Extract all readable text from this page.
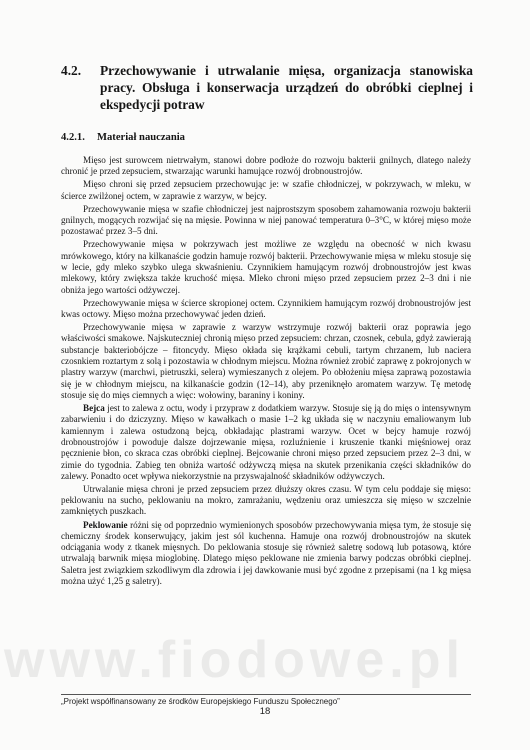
4.2. Przechowywanie i utrwalanie mięsa, organizacja stanowiska pracy. Obsługa i konserwacja urządzeń do obróbki cieplnej i ekspedycji potraw
4.2.1. Materiał nauczania

Mięso jest surowcem nietrwałym, stanowi dobre podłoże do rozwoju bakterii gnilnych, dlatego należy chronić je przed zepsuciem, stwarzając warunki hamujące rozwój drobnoustrojów.

Mięso chroni się przed zepsuciem przechowując je: w szafie chłodniczej, w pokrzywach, w mleku, w ścierce zwilżonej octem, w zaprawie z warzyw, w bejcy.

Przechowywanie mięsa w szafie chłodniczej jest najprostszym sposobem zahamowania rozwoju bakterii gnilnych, mogących rozwijać się na mięsie. Powinna w niej panować temperatura 0–3°C, w której mięso może pozostawać przez 3–5 dni.

Przechowywanie mięsa w pokrzywach jest możliwe ze względu na obecność w nich kwasu mrówkowego, który na kilkanaście godzin hamuje rozwój bakterii. Przechowywanie mięsa w mleku stosuje się w lecie, gdy mleko szybko ulega skwaśnieniu. Czynnikiem hamującym rozwój drobnoustrojów jest kwas mlekowy, który zwiększa także kruchość mięsa. Mleko chroni mięso przed zepsuciem przez 2–3 dni i nie obniża jego wartości odżywczej.

Przechowywanie mięsa w ścierce skropionej octem. Czynnikiem hamującym rozwój drobnoustrojów jest kwas octowy. Mięso można przechowywać jeden dzień.

Przechowywanie mięsa w zaprawie z warzyw wstrzymuje rozwój bakterii oraz poprawia jego właściwości smakowe. Najskuteczniej chronią mięso przed zepsuciem: chrzan, czosnek, cebula, gdyż zawierają substancje bakteriobójcze – fitoncydy. Mięso okłada się krążkami cebuli, tartym chrzanem, lub naciera czosnkiem roztartym z solą i pozostawia w chłodnym miejscu. Można również zrobić zaprawę z pokrojonych w plastry warzyw (marchwi, pietruszki, selera) wymieszanych z olejem. Po obłożeniu mięsa zaprawą pozostawia się je w chłodnym miejscu, na kilkanaście godzin (12–14), aby przeniknęło aromatem warzyw. Tę metodę stosuje się do mięs ciemnych a więc: wołowiny, baraniny i koniny.

Bejca jest to zalewa z octu, wody i przypraw z dodatkiem warzyw. Stosuje się ją do mięs o intensywnym zabarwieniu i do dziczyzny. Mięso w kawałkach o masie 1–2 kg układa się w naczyniu emaliowanym lub kamiennym i zalewa ostudzoną bejcą, obkładając plastrami warzyw. Ocet w bejcy hamuje rozwój drobnoustrojów i powoduje dalsze dojrzewanie mięsa, rozluźnienie i kruszenie tkanki mięśniowej oraz pęcznienie błon, co skraca czas obróbki cieplnej. Bejcowanie chroni mięso przed zepsuciem przez 2–3 dni, w zimie do tygodnia. Zabieg ten obniża wartość odżywczą mięsa na skutek przenikania części składników do zalewy. Ponadto ocet wpływa niekorzystnie na przyswajalność składników odżywczych.

Utrwalanie mięsa chroni je przed zepsuciem przez dłuższy okres czasu. W tym celu poddaje się mięso: peklowaniu na sucho, peklowaniu na mokro, zamrażaniu, wędzeniu oraz umieszcza się mięso w szczelnie zamkniętych puszkach.

Peklowanie różni się od poprzednio wymienionych sposobów przechowywania mięsa tym, że stosuje się chemiczny środek konserwujący, jakim jest sól kuchenna. Hamuje ona rozwój drobnoustrojów na skutek odciągania wody z tkanek mięsnych. Do peklowania stosuje się również saletrę sodową lub potasową, które utrwalają barwnik mięsa mioglobinę. Dlatego mięso peklowane nie zmienia barwy podczas obróbki cieplnej. Saletra jest związkiem szkodliwym dla zdrowia i jej dawkowanie musi być zgodne z przepisami (na 1 kg mięsa można użyć 1,25 g saletry).

www.fiodowe.pl
„Projekt współfinansowany ze środków Europejskiego Funduszu Społecznego”
18
